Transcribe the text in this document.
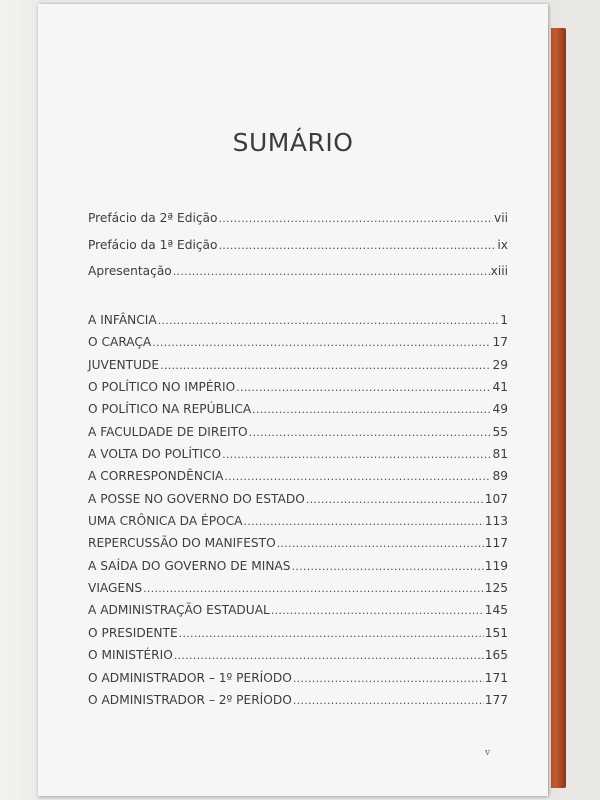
SUMÁRIO
Prefácio da 2ª Edição . . .	vii
Prefácio da 1ª Edição . . .	ix
Apresentação . . .	xiii
A INFÂNCIA . . .	1
O CARAÇA . . .	17
JUVENTUDE . . .	29
O POLÍTICO NO IMPÉRIO . . .	41
O POLÍTICO NA REPÚBLICA . . .	49
A FACULDADE DE DIREITO . . .	55
A VOLTA DO POLÍTICO . . .	81
A CORRESPONDÊNCIA . . .	89
A POSSE NO GOVERNO DO ESTADO . . .	107
UMA CRÔNICA DA ÉPOCA . . .	113
REPERCUSSÃO DO MANIFESTO . . .	117
A SAÍDA DO GOVERNO DE MINAS . . .	119
VIAGENS . . .	125
A ADMINISTRAÇÃO ESTADUAL . . .	145
O PRESIDENTE . . .	151
O MINISTÉRIO . . .	165
O ADMINISTRADOR – 1º PERÍODO . . .	171
O ADMINISTRADOR – 2º PERÍODO . . .	177
v
